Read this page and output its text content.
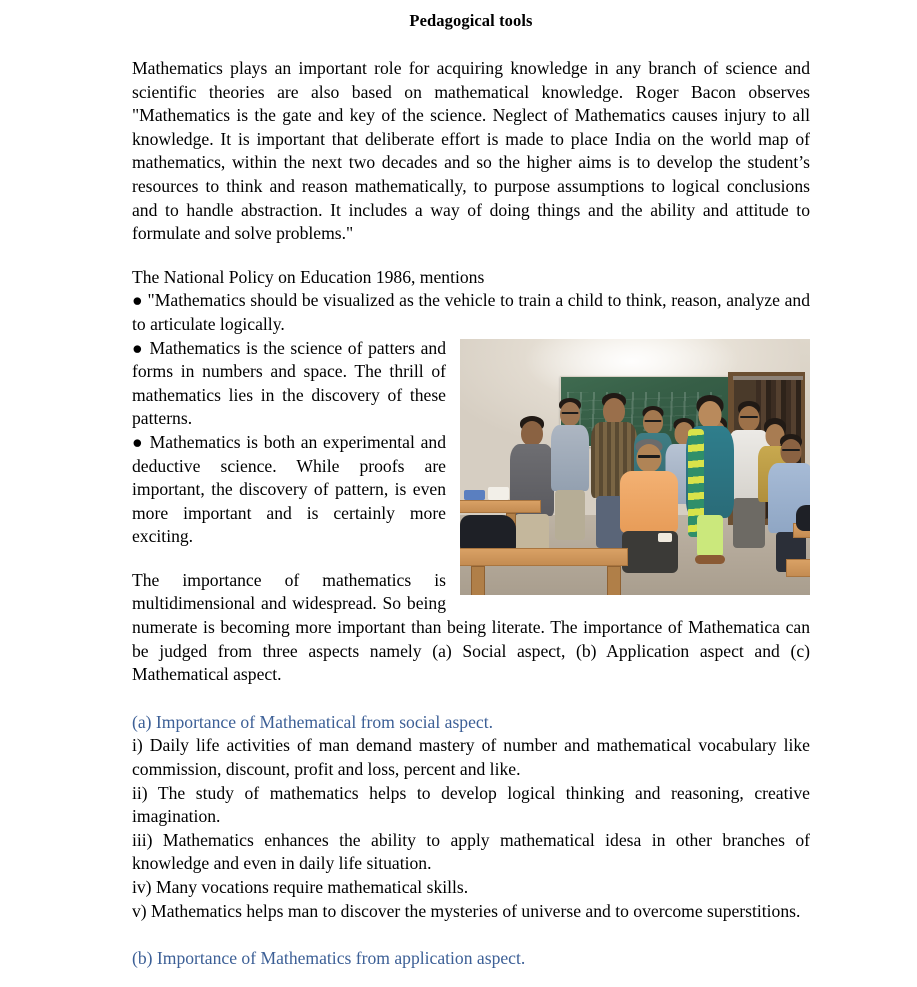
Pedagogical tools

Mathematics plays an important role for acquiring knowledge in any branch of science and scientific theories are also based on mathematical knowledge. Roger Bacon observes "Mathematics is the gate and key of the science. Neglect of Mathematics causes injury to all knowledge. It is important that deliberate effort is made to place India on the world map of mathematics, within the next two decades and so the higher aims is to develop the student’s resources to think and reason mathematically, to purpose assumptions to logical conclusions and to handle abstraction. It includes a way of doing things and the ability and attitude to formulate and solve problems."

The National Policy on Education 1986, mentions

● "Mathematics should be visualized as the vehicle to train a child to think, reason, analyze and to articulate logically.

● Mathematics is the science of patters and forms in numbers and space. The thrill of mathematics lies in the discovery of these patterns.

● Mathematics is both an experimental and deductive science. While proofs are important, the discovery of pattern, is even more important and is certainly more exciting.

The importance of mathematics is multidimensional and widespread. So being numerate is becoming more important than being literate. The importance of Mathematica can be judged from three aspects namely (a) Social aspect, (b) Application aspect and (c) Mathematical aspect.

(a) Importance of Mathematical from social aspect.

i) Daily life activities of man demand mastery of number and mathematical vocabulary like commission, discount, profit and loss, percent and like.

ii) The study of mathematics helps to develop logical thinking and reasoning, creative imagination.

iii) Mathematics enhances the ability to apply mathematical idesa in other branches of knowledge and even in daily life situation.

iv) Many vocations require mathematical skills.

v) Mathematics helps man to discover the mysteries of universe and to overcome superstitions.

(b) Importance of Mathematics from application aspect.
